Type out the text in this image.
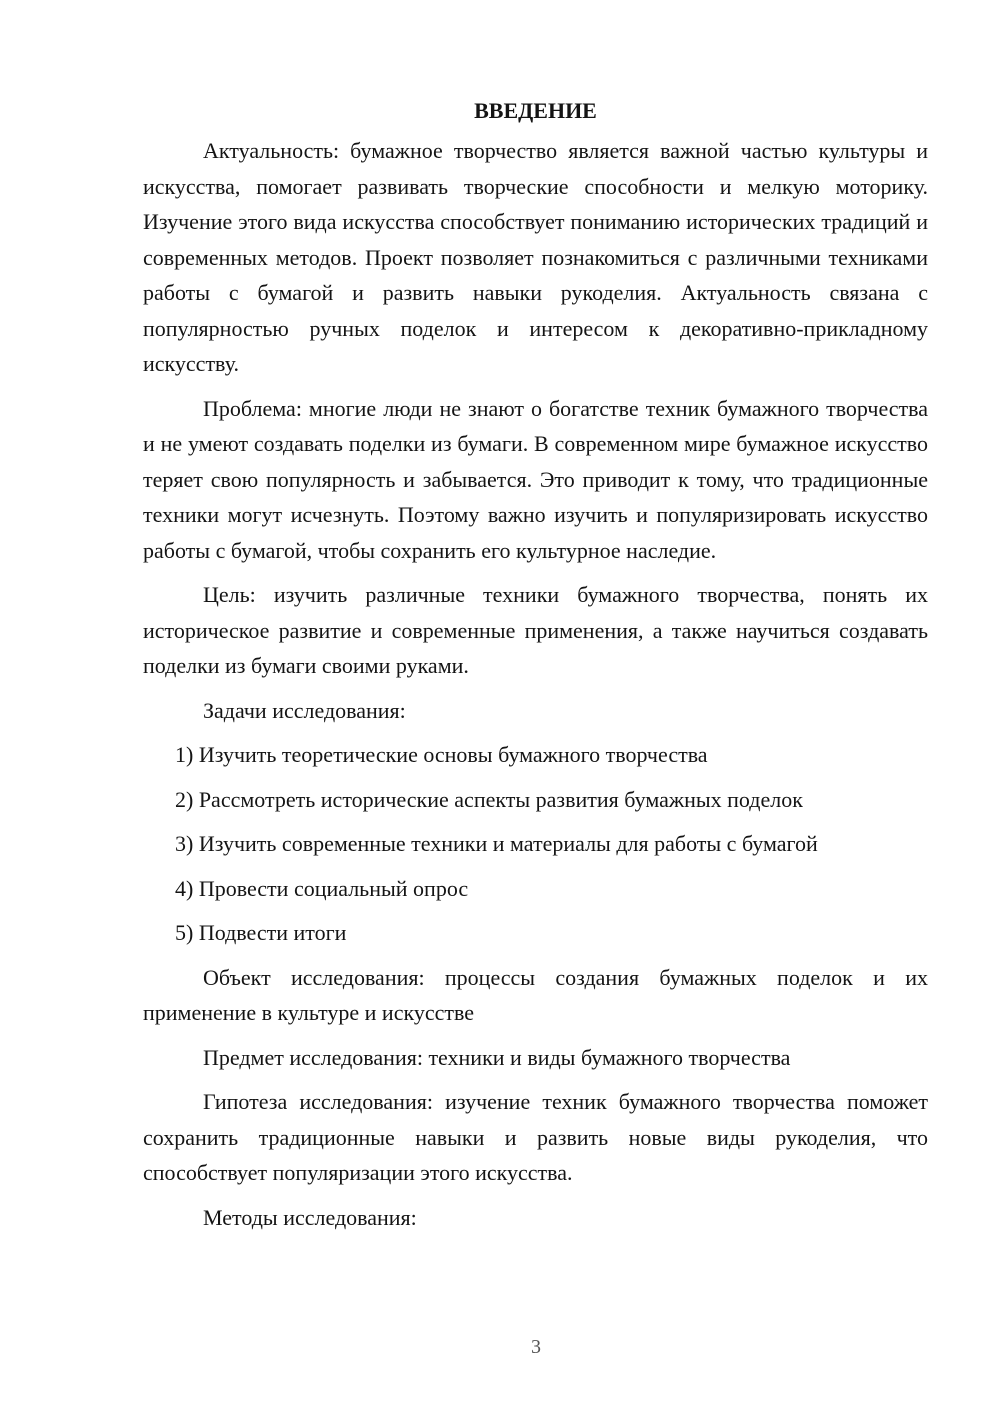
ВВЕДЕНИЕ

Актуальность: бумажное творчество является важной частью культуры и искусства, помогает развивать творческие способности и мелкую моторику. Изучение этого вида искусства способствует пониманию исторических традиций и современных методов. Проект позволяет познакомиться с различными техниками работы с бумагой и развить навыки рукоделия. Актуальность связана с популярностью ручных поделок и интересом к декоративно-прикладному искусству.

Проблема: многие люди не знают о богатстве техник бумажного творчества и не умеют создавать поделки из бумаги. В современном мире бумажное искусство теряет свою популярность и забывается. Это приводит к тому, что традиционные техники могут исчезнуть. Поэтому важно изучить и популяризировать искусство работы с бумагой, чтобы сохранить его культурное наследие.

Цель: изучить различные техники бумажного творчества, понять их историческое развитие и современные применения, а также научиться создавать поделки из бумаги своими руками.

Задачи исследования:

1) Изучить теоретические основы бумажного творчества
2) Рассмотреть исторические аспекты развития бумажных поделок
3) Изучить современные техники и материалы для работы с бумагой
4) Провести социальный опрос
5) Подвести итоги

Объект исследования: процессы создания бумажных поделок и их применение в культуре и искусстве

Предмет исследования: техники и виды бумажного творчества

Гипотеза исследования: изучение техник бумажного творчества поможет сохранить традиционные навыки и развить новые виды рукоделия, что способствует популяризации этого искусства.

Методы исследования:

3
